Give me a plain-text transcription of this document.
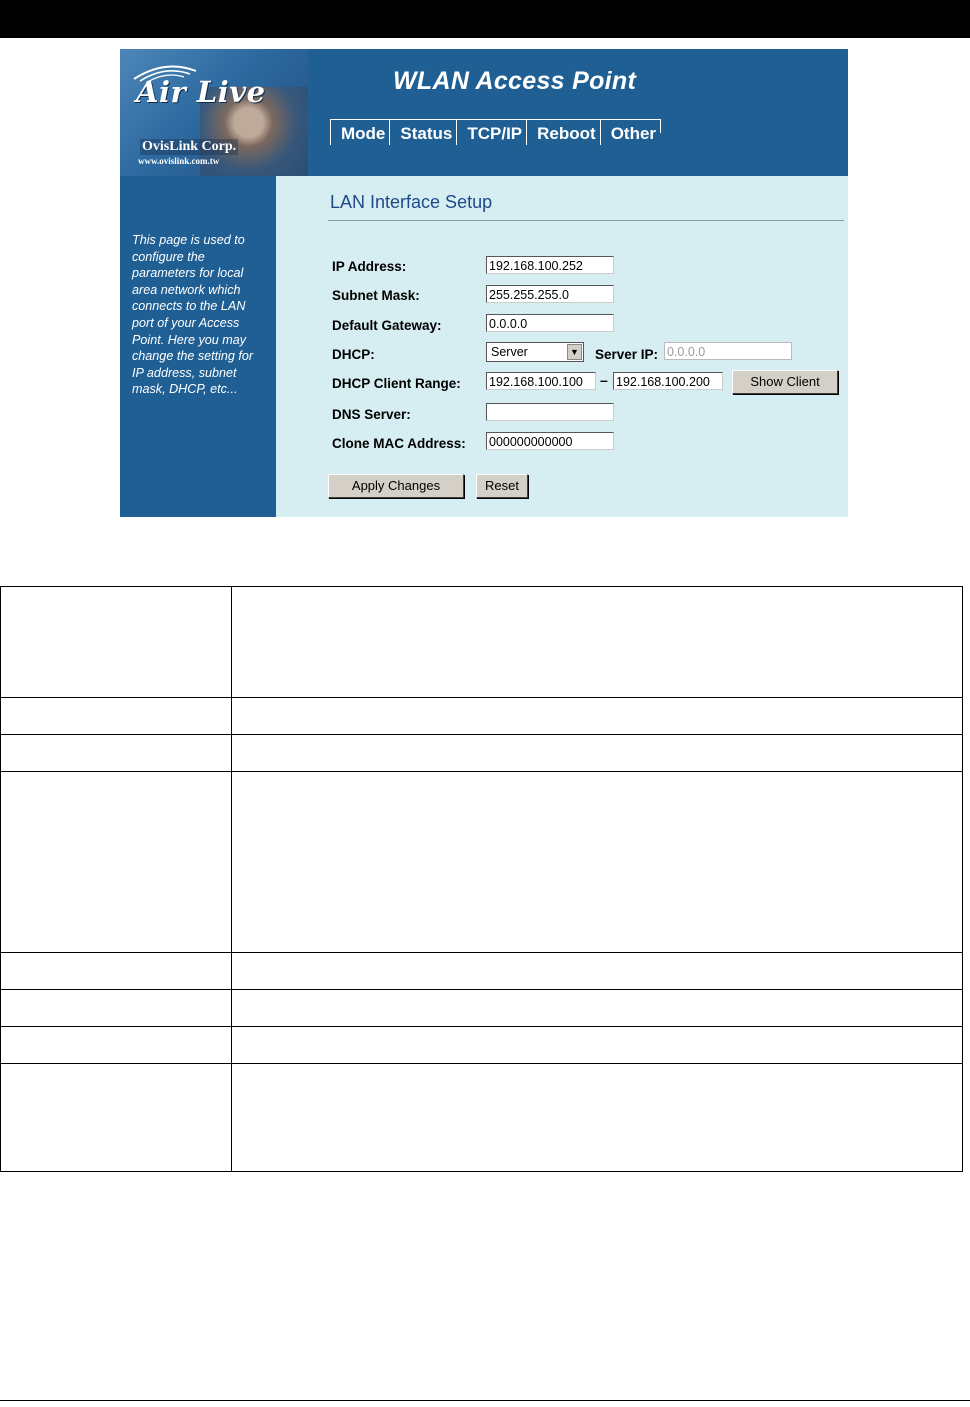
Air Live
OvisLink Corp.
www.ovislink.com.tw
WLAN Access Point
Mode Status TCP/IP Reboot Other

This page is used to configure the parameters for local area network which connects to the LAN port of your Access Point. Here you may change the setting for IP address, subnet mask, DHCP, etc...

LAN Interface Setup
IP Address:	192.168.100.252
Subnet Mask:	255.255.255.0
Default Gateway:	0.0.0.0
DHCP:	Server	▼ Server IP: 0.0.0.0
DHCP Client Range: 192.168.100.100	– 192.168.100.200	Show Client
DNS Server:
Clone MAC Address: 000000000000
Apply Changes	Reset
